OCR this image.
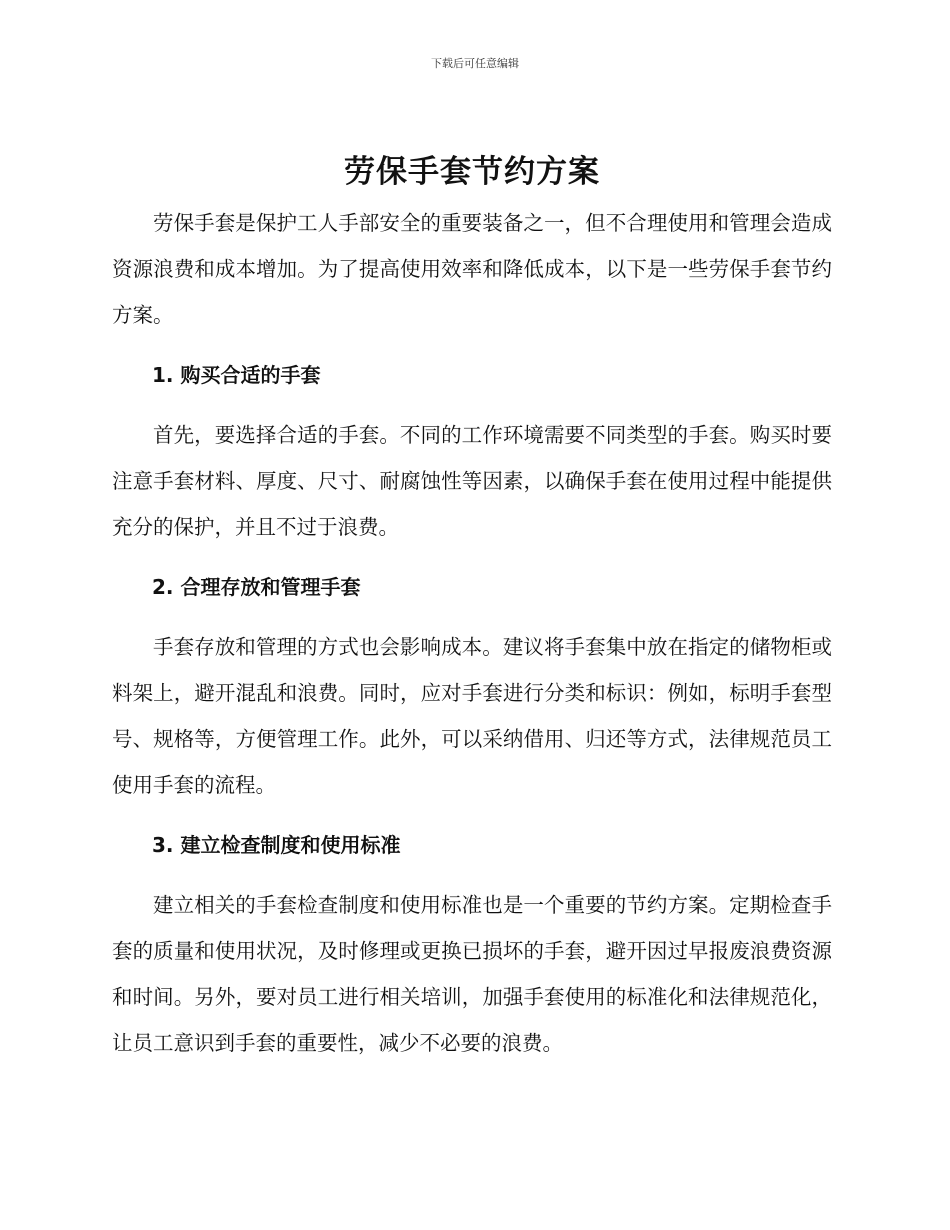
下载后可任意编辑
劳保手套节约方案

劳保手套是保护工人手部安全的重要装备之一，但不合理使用和管理会造成资源浪费和成本增加。为了提高使用效率和降低成本，以下是一些劳保手套节约方案。

1. 购买合适的手套

首先，要选择合适的手套。不同的工作环境需要不同类型的手套。购买时要注意手套材料、厚度、尺寸、耐腐蚀性等因素，以确保手套在使用过程中能提供充分的保护，并且不过于浪费。

2. 合理存放和管理手套

手套存放和管理的方式也会影响成本。建议将手套集中放在指定的储物柜或料架上，避开混乱和浪费。同时，应对手套进行分类和标识：例如，标明手套型号、规格等，方便管理工作。此外，可以采纳借用、归还等方式，法律规范员工使用手套的流程。

3. 建立检查制度和使用标准

建立相关的手套检查制度和使用标准也是一个重要的节约方案。定期检查手套的质量和使用状况，及时修理或更换已损坏的手套，避开因过早报废浪费资源和时间。另外，要对员工进行相关培训，加强手套使用的标准化和法律规范化，让员工意识到手套的重要性，减少不必要的浪费。
